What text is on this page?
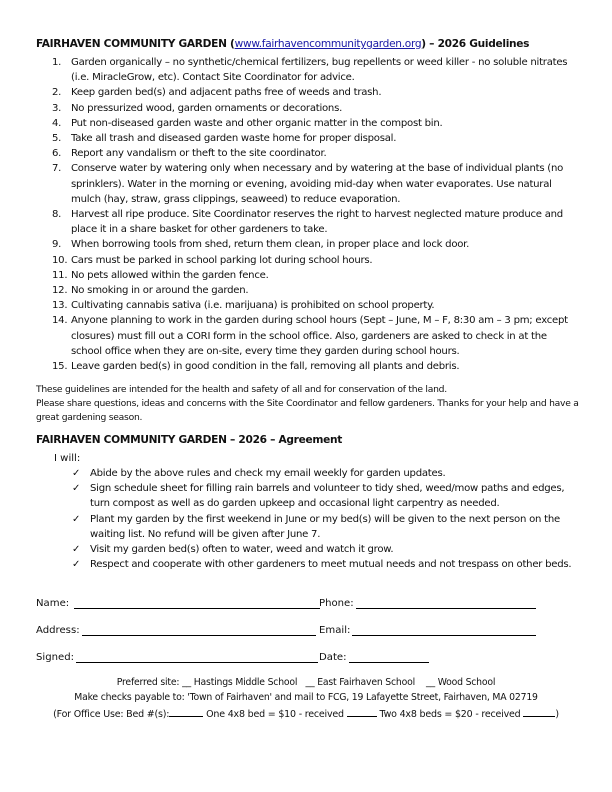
FAIRHAVEN COMMUNITY GARDEN (www.fairhavencommunitygarden.org) – 2026 Guidelines
1. Garden organically – no synthetic/chemical fertilizers, bug repellents or weed killer - no soluble nitrates (i.e. MiracleGrow, etc). Contact Site Coordinator for advice.
2. Keep garden bed(s) and adjacent paths free of weeds and trash.
3. No pressurized wood, garden ornaments or decorations.
4. Put non-diseased garden waste and other organic matter in the compost bin.
5. Take all trash and diseased garden waste home for proper disposal.
6. Report any vandalism or theft to the site coordinator.
7. Conserve water by watering only when necessary and by watering at the base of individual plants (no sprinklers). Water in the morning or evening, avoiding mid-day when water evaporates. Use natural mulch (hay, straw, grass clippings, seaweed) to reduce evaporation.
8. Harvest all ripe produce. Site Coordinator reserves the right to harvest neglected mature produce and place it in a share basket for other gardeners to take.
9. When borrowing tools from shed, return them clean, in proper place and lock door.
10. Cars must be parked in school parking lot during school hours.
11. No pets allowed within the garden fence.
12. No smoking in or around the garden.
13. Cultivating cannabis sativa (i.e. marijuana) is prohibited on school property.
14. Anyone planning to work in the garden during school hours (Sept – June, M – F, 8:30 am – 3 pm; except closures) must fill out a CORI form in the school office. Also, gardeners are asked to check in at the school office when they are on-site, every time they garden during school hours.
15. Leave garden bed(s) in good condition in the fall, removing all plants and debris.
These guidelines are intended for the health and safety of all and for conservation of the land.
Please share questions, ideas and concerns with the Site Coordinator and fellow gardeners. Thanks for your help and have a great gardening season.
FAIRHAVEN COMMUNITY GARDEN – 2026 – Agreement
I will:
✓ Abide by the above rules and check my email weekly for garden updates.
✓ Sign schedule sheet for filling rain barrels and volunteer to tidy shed, weed/mow paths and edges, turn compost as well as do garden upkeep and occasional light carpentry as needed.
✓ Plant my garden by the first weekend in June or my bed(s) will be given to the next person on the waiting list. No refund will be given after June 7.
✓ Visit my garden bed(s) often to water, weed and watch it grow.
✓ Respect and cooperate with other gardeners to meet mutual needs and not trespass on other beds.
Name:	Phone:
Address:	Email:
Signed:	Date:
Preferred site: __ Hastings Middle School __ East Fairhaven School __ Wood School
Make checks payable to: 'Town of Fairhaven' and mail to FCG, 19 Lafayette Street, Fairhaven, MA 02719
(For Office Use: Bed #(s):	One 4x8 bed = $10 - received	Two 4x8 beds = $20 - received	)
